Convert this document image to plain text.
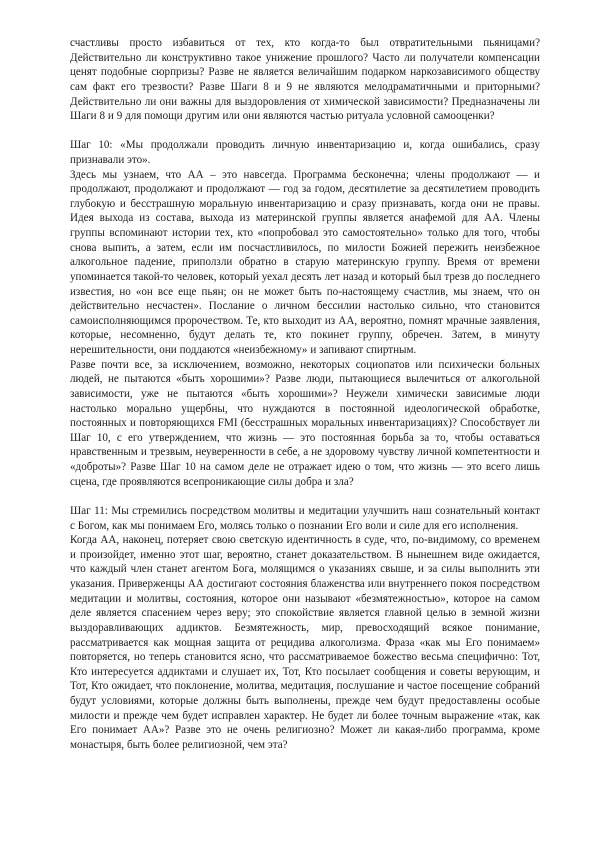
счастливы просто избавиться от тех, кто когда-то был отвратительными пьяницами? Действительно ли конструктивно такое унижение прошлого? Часто ли получатели компенсации ценят подобные сюрпризы? Разве не является величайшим подарком наркозависимого обществу сам факт его трезвости? Разве Шаги 8 и 9 не являются мелодраматичными и приторными? Действительно ли они важны для выздоровления от химической зависимости? Предназначены ли Шаги 8 и 9 для помощи другим или они являются частью ритуала условной самооценки?

Шаг 10: «Мы продолжали проводить личную инвентаризацию и, когда ошибались, сразу признавали это».

Здесь мы узнаем, что АА – это навсегда. Программа бесконечна; члены продолжают — и продолжают, продолжают и продолжают — год за годом, десятилетие за десятилетием проводить глубокую и бесстрашную моральную инвентаризацию и сразу признавать, когда они не правы. Идея выхода из состава, выхода из материнской группы является анафемой для АА. Члены группы вспоминают истории тех, кто «попробовал это самостоятельно» только для того, чтобы снова выпить, а затем, если им посчастливилось, по милости Божией пережить неизбежное алкогольное падение, приползли обратно в старую материнскую группу. Время от времени упоминается такой-то человек, который уехал десять лет назад и который был трезв до последнего известия, но «он все еще пьян; он не может быть по-настоящему счастлив, мы знаем, что он действительно несчастен». Послание о личном бессилии настолько сильно, что становится самоисполняющимся пророчеством. Те, кто выходит из АА, вероятно, помнят мрачные заявления, которые, несомненно, будут делать те, кто покинет группу, обречен. Затем, в минуту нерешительности, они поддаются «неизбежному» и запивают спиртным.

Разве почти все, за исключением, возможно, некоторых социопатов или психически больных людей, не пытаются «быть хорошими»? Разве люди, пытающиеся вылечиться от алкогольной зависимости, уже не пытаются «быть хорошими»? Неужели химически зависимые люди настолько морально ущербны, что нуждаются в постоянной идеологической обработке, постоянных и повторяющихся FMI (бесстрашных моральных инвентаризациях)? Способствует ли Шаг 10, с его утверждением, что жизнь — это постоянная борьба за то, чтобы оставаться нравственным и трезвым, неуверенности в себе, а не здоровому чувству личной компетентности и «доброты»? Разве Шаг 10 на самом деле не отражает идею о том, что жизнь — это всего лишь сцена, где проявляются всепроникающие силы добра и зла?

Шаг 11: Мы стремились посредством молитвы и медитации улучшить наш сознательный контакт с Богом, как мы понимаем Его, молясь только о познании Его воли и силе для его исполнения.

Когда АА, наконец, потеряет свою светскую идентичность в суде, что, по-видимому, со временем и произойдет, именно этот шаг, вероятно, станет доказательством. В нынешнем виде ожидается, что каждый член станет агентом Бога, молящимся о указаниях свыше, и за силы выполнить эти указания. Приверженцы АА достигают состояния блаженства или внутреннего покоя посредством медитации и молитвы, состояния, которое они называют «безмятежностью», которое на самом деле является спасением через веру; это спокойствие является главной целью в земной жизни выздоравливающих аддиктов. Безмятежность, мир, превосходящий всякое понимание, рассматривается как мощная защита от рецидива алкоголизма. Фраза «как мы Его понимаем» повторяется, но теперь становится ясно, что рассматриваемое божество весьма специфично: Тот, Кто интересуется аддиктами и слушает их, Тот, Кто посылает сообщения и советы верующим, и Тот, Кто ожидает, что поклонение, молитва, медитация, послушание и частое посещение собраний будут условиями, которые должны быть выполнены, прежде чем будут предоставлены особые милости и прежде чем будет исправлен характер. Не будет ли более точным выражение «так, как Его понимает АА»? Разве это не очень религиозно? Может ли какая-либо программа, кроме монастыря, быть более религиозной, чем эта?
